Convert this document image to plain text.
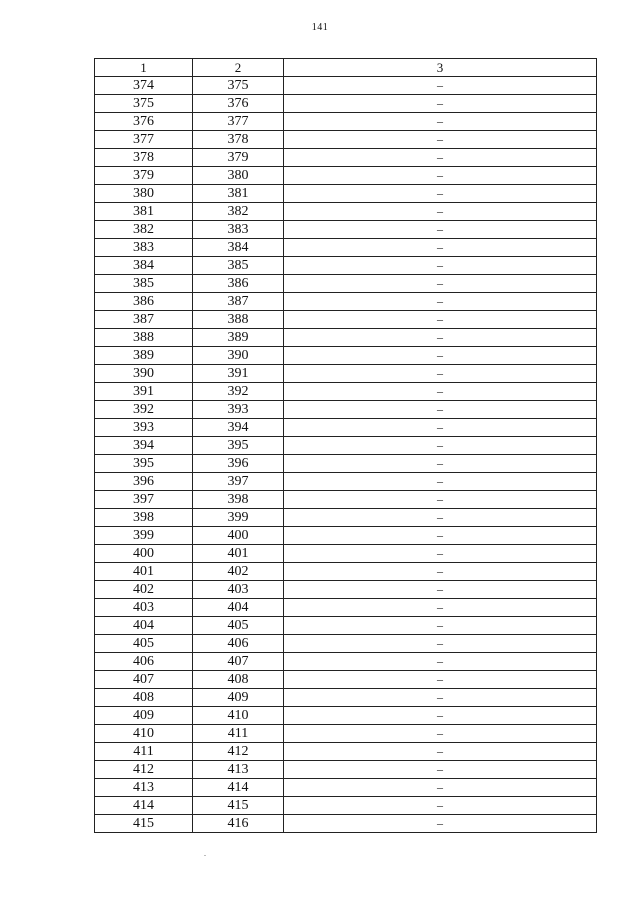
141
1	2	3
374	375	–
375	376	–
376	377	–
377	378	–
378	379	–
379	380	–
380	381	–
381	382	–
382	383	–
383	384	–
384	385	–
385	386	–
386	387	–
387	388	–
388	389	–
389	390	–
390	391	–
391	392	–
392	393	–
393	394	–
394	395	–
395	396	–
396	397	–
397	398	–
398	399	–
399	400	–
400	401	–
401	402	–
402	403	–
403	404	–
404	405	–
405	406	–
406	407	–
407	408	–
408	409	–
409	410	–
410	411	–
411	412	–
412	413	–
413	414	–
414	415	–
415	416	–
